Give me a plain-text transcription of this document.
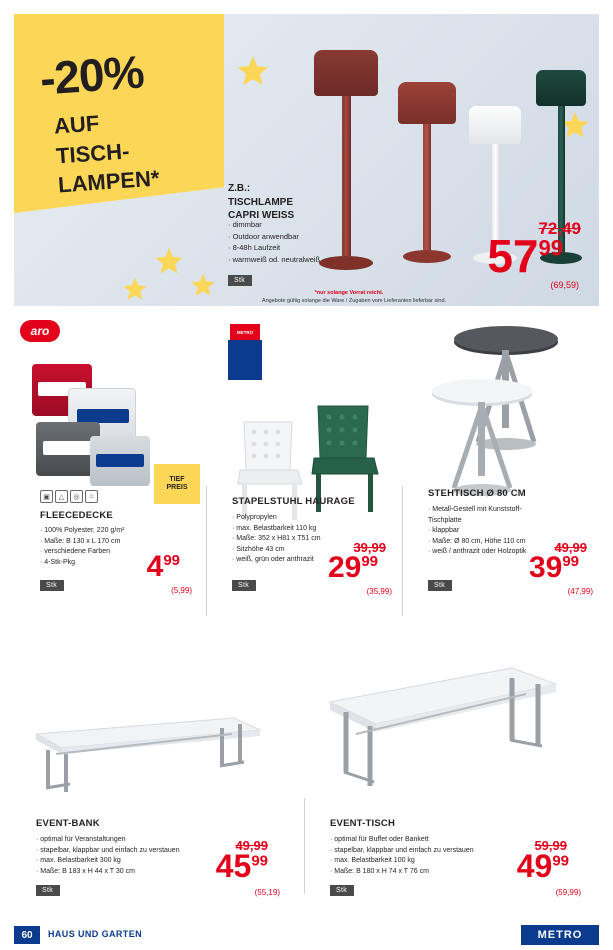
-20%
AUF
TISCH-
LAMPEN*	Z.B.:
TISCHLAMPE
CAPRI WEISS
· dimmbar
· Outdoor anwendbar
· 8-48h Laufzeit
· warmweiß od. neutralweiß
Stk
72,49
$57^{99}$
(69,59)
*nur solange Vorrat reicht.
Angebote gültig solange die Ware / Zugaben vom Lieferanten lieferbar sind.
aro
TIEF
PREIS
▣	△	◎	⌂
FLEECEDECKE
· 100% Polyester, 220 g/m²
· Maße: B 130 x L 170 cm
· verschiedene Farben
· 4-Stk-Pkg
Stk
$4^{99}$
(5,99)
METRO
STAPELSTUHL HAURAGE
· Polypropylen
· max. Belastbarkeit 110 kg
· Maße: 352 x H81 x T51 cm
· Sitzhöhe 43 cm
· weiß, grün oder anthrazit
Stk
39,99
$29^{99}$
(35,99)
STEHTISCH Ø 80 CM
· Metall-Gestell mit Kunststoff-Tischplatte
· klappbar
· Maße: Ø 80 cm, Höhe 110 cm
· weiß / anthrazit oder Holzoptik
Stk
49,99
$39^{99}$
(47,99)
EVENT-BANK
· optimal für Veranstaltungen
· stapelbar, klappbar und einfach zu verstauen
· max. Belastbarkeit 300 kg
· Maße: B 183 x H 44 x T 30 cm
Stk
49,99
$45^{99}$
(55,19)
EVENT-TISCH
· optimal für Buffet oder Bankett
· stapelbar, klappbar und einfach zu verstauen
· max. Belastbarkeit 100 kg
· Maße: B 180 x H 74 x T 76 cm
Stk
59,99
$49^{99}$
(59,99)
60	HAUS UND GARTEN	METRO
